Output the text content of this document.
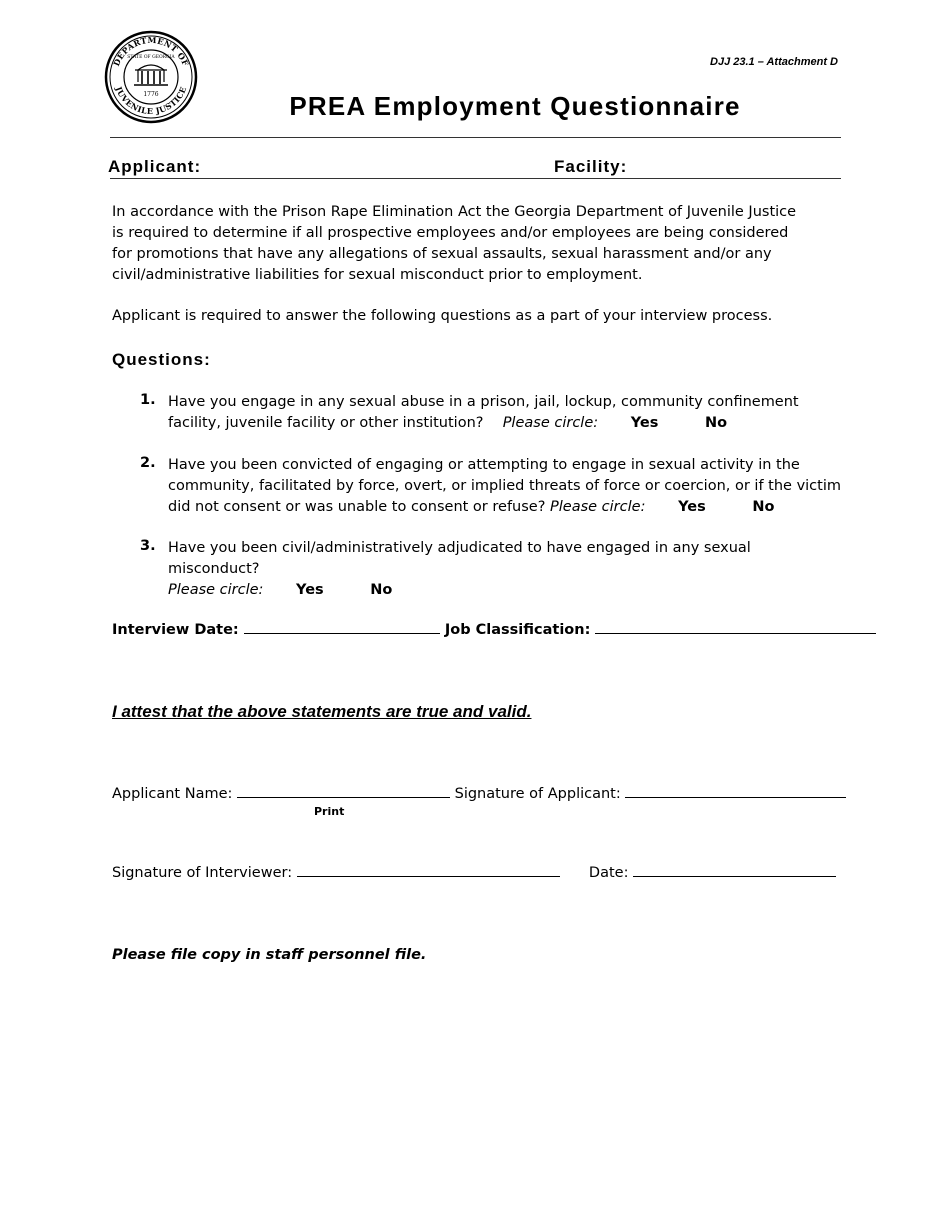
DEPARTMENT OF
JUVENILE JUSTICE
STATE OF GEORGIA
1776
DJJ 23.1 – Attachment D
PREA Employment Questionnaire
Applicant:	Facility:
In accordance with the Prison Rape Elimination Act the Georgia Department of Juvenile Justice is required to determine if all prospective employees and/or employees are being considered for promotions that have any allegations of sexual assaults, sexual harassment and/or any civil/administrative liabilities for sexual misconduct prior to employment.
Applicant is required to answer the following questions as a part of your interview process.
Questions:
1. Have you engage in any sexual abuse in a prison, jail, lockup, community confinement facility, juvenile facility or other institution? Please circle: Yes	No
2. Have you been convicted of engaging or attempting to engage in sexual activity in the community, facilitated by force, overt, or implied threats of force or coercion, or if the victim did not consent or was unable to consent or refuse? Please circle: Yes	No
3. Have you been civil/administratively adjudicated to have engaged in any sexual misconduct?
Please circle: Yes	No
Interview Date:	Job Classification:
I attest that the above statements are true and valid.
Applicant Name:	Signature of Applicant:
Print
Signature of Interviewer:	Date:
Please file copy in staff personnel file.
